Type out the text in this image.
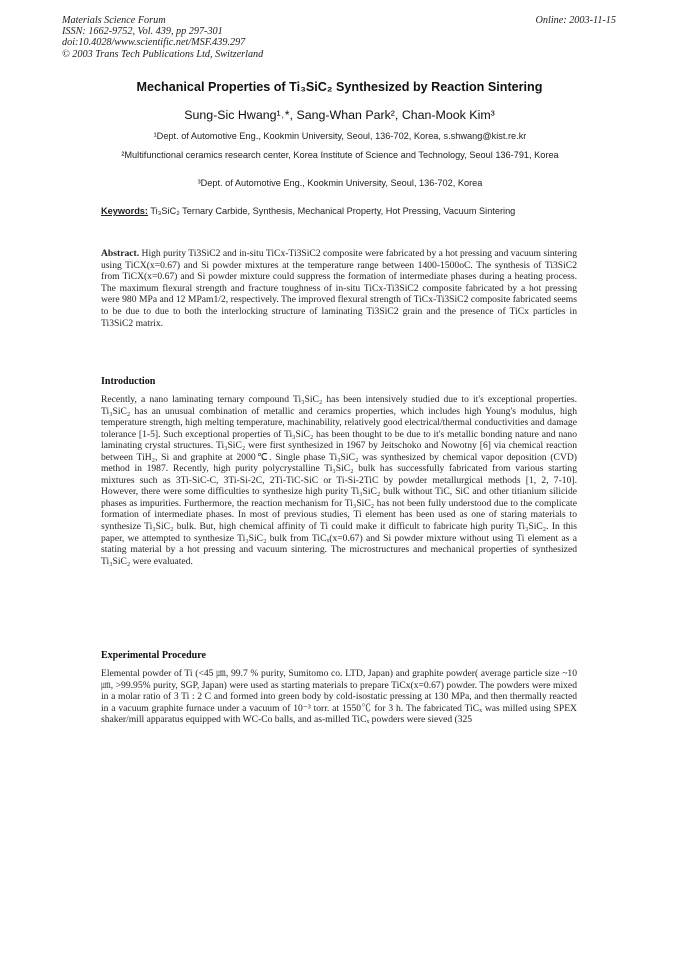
Materials Science Forum
ISSN: 1662-9752, Vol. 439, pp 297-301
doi:10.4028/www.scientific.net/MSF.439.297
© 2003 Trans Tech Publications Ltd, Switzerland
Online: 2003-11-15
Mechanical Properties of Ti₃SiC₂ Synthesized by Reaction Sintering
Sung-Sic Hwang¹˒*, Sang-Whan Park², Chan-Mook Kim³
¹Dept. of Automotive Eng., Kookmin University, Seoul, 136-702, Korea, s.shwang@kist.re.kr
²Multifunctional ceramics research center, Korea Institute of Science and Technology, Seoul 136-791, Korea
³Dept. of Automotive Eng., Kookmin University, Seoul, 136-702, Korea
Keywords: Ti₃SiC₂ Ternary Carbide, Synthesis, Mechanical Property, Hot Pressing, Vacuum Sintering
Abstract. High purity Ti3SiC2 and in-situ TiCx-Ti3SiC2 composite were fabricated by a hot pressing and vacuum sintering using TiCX(x=0.67) and Si powder mixtures at the temperature range between 1400-1500oC. The synthesis of Ti3SiC2 from TiCX(x=0.67) and Si powder mixture could suppress the formation of intermediate phases during a heating process. The maximum flexural strength and fracture toughness of in-situ TiCx-Ti3SiC2 composite fabricated by a hot pressing were 980 MPa and 12 MPam1/2, respectively. The improved flexural strength of TiCx-Ti3SiC2 composite fabricated seems to be due to due to both the interlocking structure of laminating Ti3SiC2 grain and the presence of TiCx particles in Ti3SiC2 matrix.
Introduction
Recently, a nano laminating ternary compound Ti₃SiC₂ has been intensively studied due to it's exceptional properties. Ti₃SiC₂ has an unusual combination of metallic and ceramics properties, which includes high Young's modulus, high temperature strength, high melting temperature, machinability, relatively good electrical/thermal conductivities and damage tolerance [1-5]. Such exceptional properties of Ti₃SiC₂ has been thought to be due to it's metallic bonding nature and nano laminating crystal structures. Ti₃SiC₂ were first synthesized in 1967 by Jeitschoko and Nowotny [6] via chemical reaction between TiH₂, Si and graphite at 2000℃. Single phase Ti₃SiC₂ was synthesized by chemical vapor deposition (CVD) method in 1987. Recently, high purity polycrystalline Ti₃SiC₂ bulk has successfully fabricated from various starting mixtures such as 3Ti-SiC-C, 3Ti-Si-2C, 2Ti-TiC-SiC or Ti-Si-2TiC by powder metallurgical methods [1, 2, 7-10]. However, there were some difficulties to synthesize high purity Ti₃SiC₂ bulk without TiC, SiC and other titianium silicide phases as impurities. Furthermore, the reaction mechanism for Ti₃SiC₂ has not been fully understood due to the complicate formation of intermediate phases. In most of previous studies, Ti element has been used as one of staring materials to synthesize Ti₃SiC₂ bulk. But, high chemical affinity of Ti could make it difficult to fabricate high purity Ti₃SiC₂. In this paper, we attempted to synthesize Ti₃SiC₂ bulk from TiCₓ(x=0.67) and Si powder mixture without using Ti element as a stating material by a hot pressing and vacuum sintering. The microstructures and mechanical properties of synthesized Ti₃SiC₂ were evaluated.
Experimental Procedure
Elemental powder of Ti (<45 ㎛, 99.7 % purity, Sumitomo co. LTD, Japan) and graphite powder( average particle size ~10 ㎛, >99.95% purity, SGP, Japan) were used as starting materials to prepare TiCx(x=0.67) powder. The powders were mixed in a molar ratio of 3 Ti : 2 C and formed into green body by cold-isostatic pressing at 130 MPa, and then thermally reacted in a vacuum graphite furnace under a vacuum of 10⁻³ torr. at 1550℃ for 3 h. The fabricated TiCₓ was milled using SPEX shaker/mill apparatus equipped with WC-Co balls, and as-milled TiCₓ powders were sieved (325
